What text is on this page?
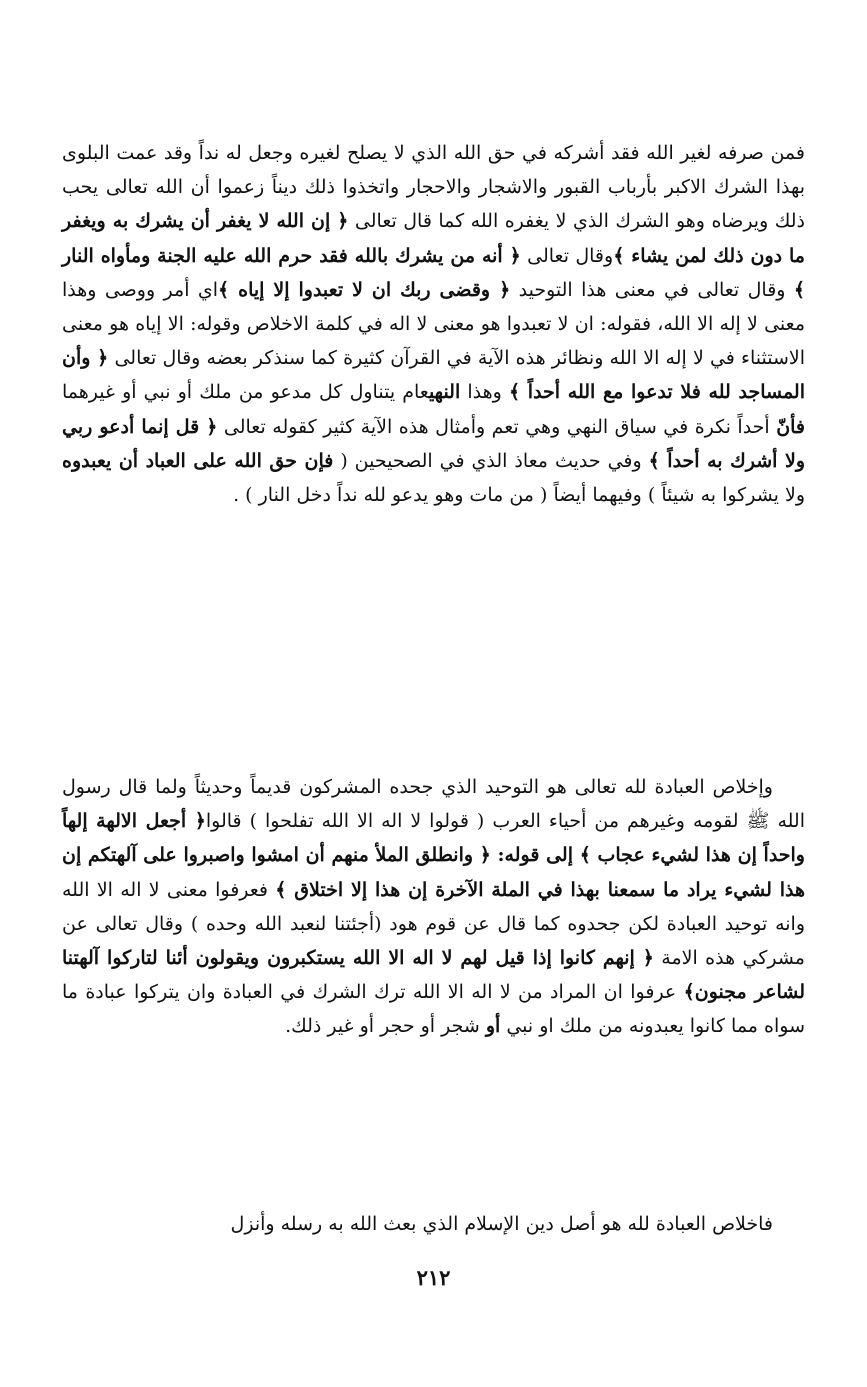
فمن صرفه لغير الله فقد أشركه في حق الله الذي لا يصلح لغيره وجعل له نداً وقد عمت البلوى بهذا الشرك الاكبر بأرباب القبور والاشجار والاحجار واتخذوا ذلك ديناً زعموا أن الله تعالى يحب ذلك ويرضاه وهو الشرك الذي لا يغفره الله كما قال تعالى ﴿ إن الله لا يغفر أن يشرك به ويغفر ما دون ذلك لمن يشاء ﴾وقال تعالى ﴿ أنه من يشرك بالله فقد حرم الله عليه الجنة ومأواه النار ﴾ وقال تعالى في معنى هذا التوحيد ﴿ وقضى ربك ان لا تعبدوا إلا إياه ﴾اي أمر ووصى وهذا معنى لا إله الا الله، فقوله: ان لا تعبدوا هو معنى لا اله في كلمة الاخلاص وقوله: الا إياه هو معنى الاستثناء في لا إله الا الله ونظائر هذه الآية في القرآن كثيرة كما سنذكر بعضه وقال تعالى ﴿ وأن المساجد لله فلا تدعوا مع الله أحداً ﴾ وهذا النهيعام يتناول كل مدعو من ملك أو نبي أو غيرهما فأنّ أحداً نكرة في سياق النهي وهي تعم وأمثال هذه الآية كثير كقوله تعالى ﴿ قل إنما أدعو ربي ولا أشرك به أحداً ﴾ وفي حديث معاذ الذي في الصحيحين ( فإن حق الله على العباد أن يعبدوه ولا يشركوا به شيئاً ) وفيهما أيضاً ( من مات وهو يدعو لله نداً دخل النار ) .

وإخلاص العبادة لله تعالى هو التوحيد الذي جحده المشركون قديماً وحديثاً ولما قال رسول الله ﷺ لقومه وغيرهم من أحياء العرب ( قولوا لا اله الا الله تفلحوا ) قالوا﴿ أجعل الالهة إلهاً واحداً إن هذا لشيء عجاب ﴾ إلى قوله: ﴿ وانطلق الملأ منهم أن امشوا واصبروا على آلهتكم إن هذا لشيء يراد ما سمعنا بهذا في الملة الآخرة إن هذا إلا اختلاق ﴾ فعرفوا معنى لا اله الا الله وانه توحيد العبادة لكن جحدوه كما قال عن قوم هود (أجئتنا لنعبد الله وحده ) وقال تعالى عن مشركي هذه الامة ﴿ إنهم كانوا إذا قيل لهم لا اله الا الله يستكبرون ويقولون أئنا لتاركوا آلهتنا لشاعر مجنون﴾ عرفوا ان المراد من لا اله الا الله ترك الشرك في العبادة وان يتركوا عبادة ما سواه مما كانوا يعبدونه من ملك او نبي أو شجر أو حجر أو غير ذلك.

فاخلاص العبادة لله هو أصل دين الإسلام الذي بعث الله به رسله وأنزل

٢١٢
